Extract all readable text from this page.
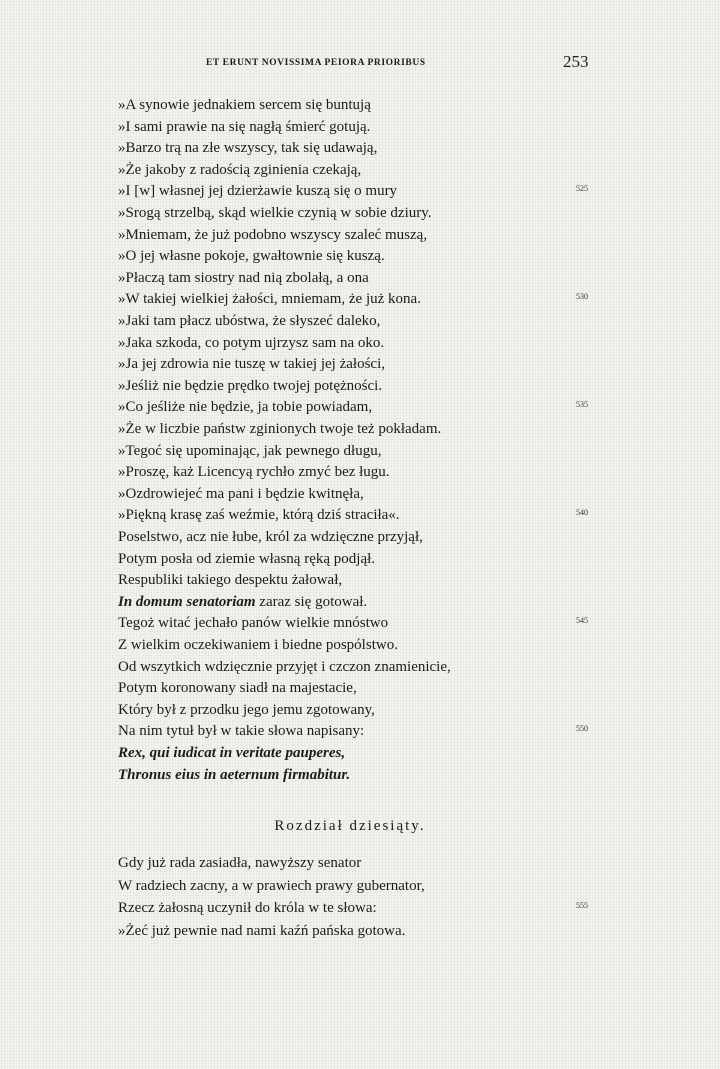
ET ERUNT NOVISSIMA PEIORA PRIORIBUS	253
»A synowie jednakiem sercem się buntują
»I sami prawie na się nagłą śmierć gotują.
»Barzo trą na złe wszyscy, tak się udawają,
»Że jakoby z radością zginienia czekają,
»I [w] własnej jej dzierżawie kuszą się o mury	525
»Srogą strzelbą, skąd wielkie czynią w sobie dziury.
»Mniemam, że już podobno wszyscy szaleć muszą,
»O jej własne pokoje, gwałtownie się kuszą.
»Płaczą tam siostry nad nią zbolałą, a ona
»W takiej wielkiej żałości, mniemam, że już kona.	530
»Jaki tam płacz ubóstwa, że słyszeć daleko,
»Jaka szkoda, co potym ujrzysz sam na oko.
»Ja jej zdrowia nie tuszę w takiej jej żałości,
»Jeśliż nie będzie prędko twojej potężności.
»Co jeśliże nie będzie, ja tobie powiadam,	535
»Że w liczbie państw zginionych twoje też pokładam.
»Tegoć się upominając, jak pewnego długu,
»Proszę, każ Licencyą rychło zmyć bez ługu.
»Ozdrowiejeć ma pani i będzie kwitnęła,
»Piękną krasę zaś weźmie, którą dziś straciła«.	540
Poselstwo, acz nie łube, król za wdzięczne przyjął,
Potym posła od ziemie własną ręką podjął.
Respubliki takiego despektu żałował,
In domum senatoriam zaraz się gotował.
Tegoż witać jechało panów wielkie mnóstwo	545
Z wielkim oczekiwaniem i biedne pospólstwo.
Od wszytkich wdzięcznie przyjęt i czczon znamienicie,
Potym koronowany siadł na majestacie,
Który był z przodku jego jemu zgotowany,
Na nim tytuł był w takie słowa napisany:	550
Rex, qui iudicat in veritate pauperes,
Thronus eius in aeternum firmabitur.
Rozdział dziesiąty.
Gdy już rada zasiadła, nawyższy senator
W radziech zacny, a w prawiech prawy gubernator,
Rzecz żałosną uczynił do króla w te słowa:	555
»Żeć już pewnie nad nami kaźń pańska gotowa.
